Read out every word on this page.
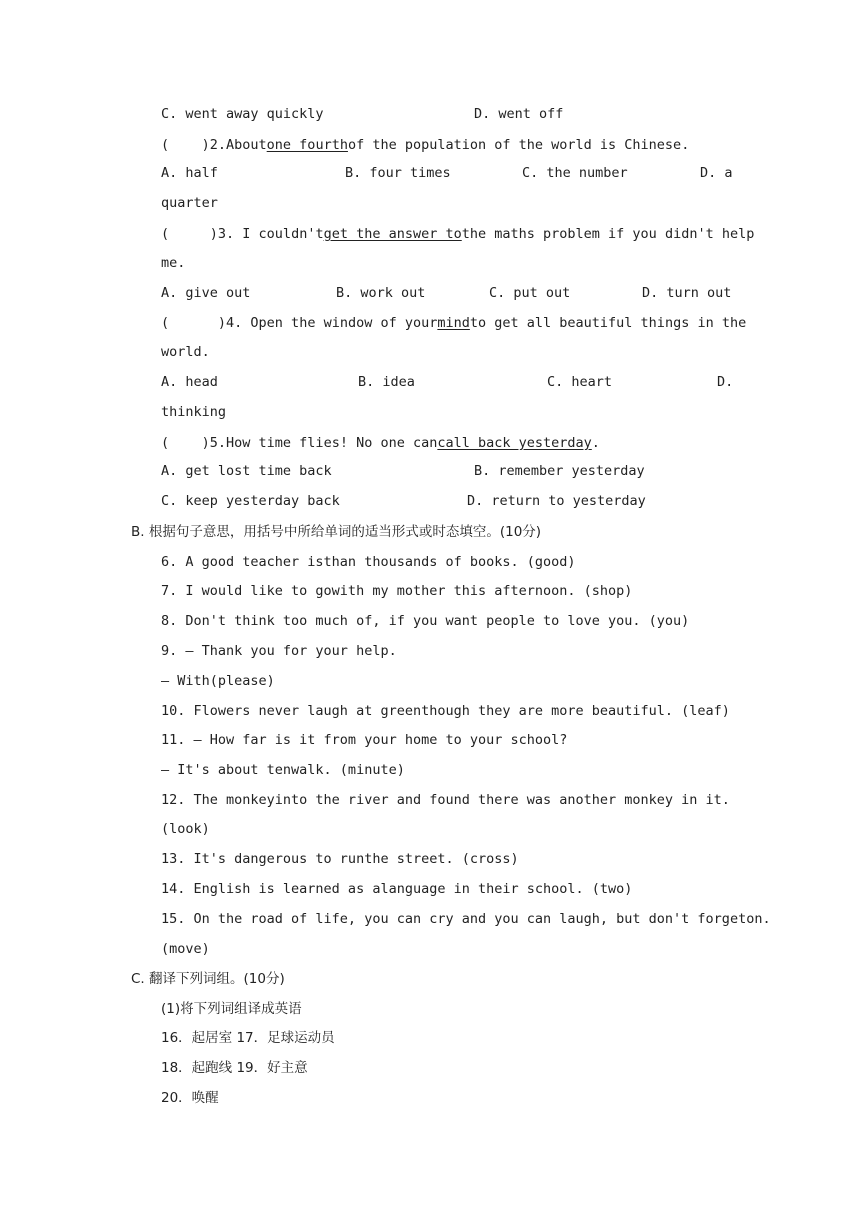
C. went away quickly	D. went off
(    )2.Aboutone fourthof the population of the world is Chinese.
A. half	B. four times	C. the number	D. a
quarter
(     )3. I couldn'tget the answer tothe maths problem if you didn't help
me.
A. give out	B. work out	C. put out	D. turn out
(      )4. Open the window of yourmindto get all beautiful things in the
world.
A. head	B. idea	C. heart	D.
thinking
(    )5.How time flies! No one cancall back yesterday.
A. get lost time back	B. remember yesterday
C. keep yesterday back	D. return to yesterday
B. 根据句子意思，用括号中所给单词的适当形式或时态填空。(10分)
6. A good teacher isthan thousands of books. (good)
7. I would like to gowith my mother this afternoon. (shop)
8. Don't think too much of, if you want people to love you. (you)
9. — Thank you for your help.
— With(please)
10. Flowers never laugh at greenthough they are more beautiful. (leaf)
11. — How far is it from your home to your school?
— It's about tenwalk. (minute)
12. The monkeyinto the river and found there was another monkey in it.
(look)
13. It's dangerous to runthe street. (cross)
14. English is learned as alanguage in their school. (two)
15. On the road of life, you can cry and you can laugh, but don't forgeton.
(move)
C. 翻译下列词组。(10分)
(1)将下列词组译成英语
16．起居室 17．足球运动员
18．起跑线 19．好主意
20．唤醒
